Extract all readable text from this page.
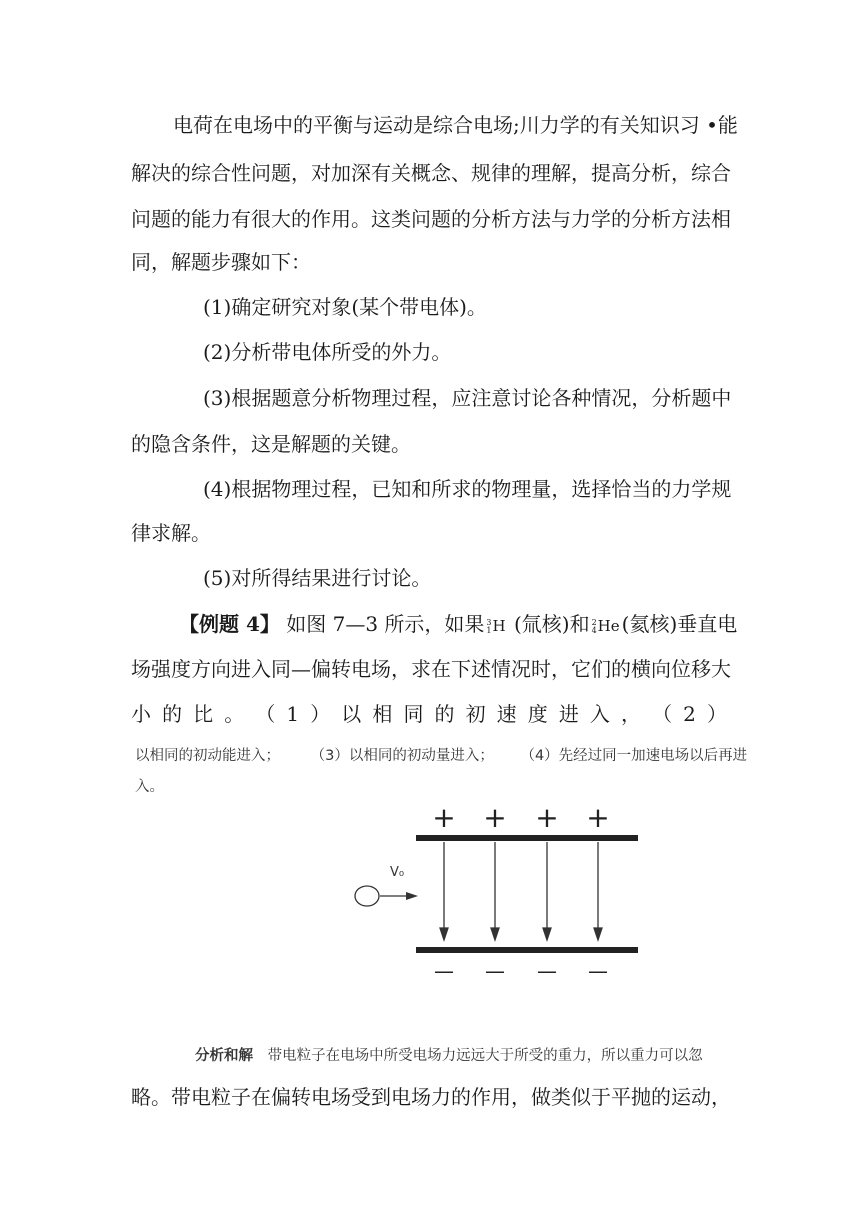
电荷在电场中的平衡与运动是综合电场;川力学的有关知识习 •能
解决的综合性问题，对加深有关概念、规律的理解，提高分析，综合
问题的能力有很大的作用。这类问题的分析方法与力学的分析方法相
同，解题步骤如下：
(1)确定研究对象(某个带电体)。
(2)分析带电体所受的外力。
(3)根据题意分析物理过程，应注意讨论各种情况，分析题中
的隐含条件，这是解题的关键。
(4)根据物理过程，已知和所求的物理量，选择恰当的力学规
律求解。
(5)对所得结果进行讨论。
【例题 4】 如图 7—3 所示，如果 3
1 H (氚核)和 2
4 He (氦核)垂直电
场强度方向进入同—偏转电场，求在下述情况时，它们的横向位移大
小 的 比 。 （ 1 ） 以 相 同 的 初 速 度 进 入 ， （ 2 ）
以相同的初动能进入； （3）以相同的初动量进入； （4）先经过同一加速电场以后再进
入。
+ + + +
V₀
— — — —
分析和解 带电粒子在电场中所受电场力远远大于所受的重力，所以重力可以忽
略。带电粒子在偏转电场受到电场力的作用，做类似于平抛的运动，
